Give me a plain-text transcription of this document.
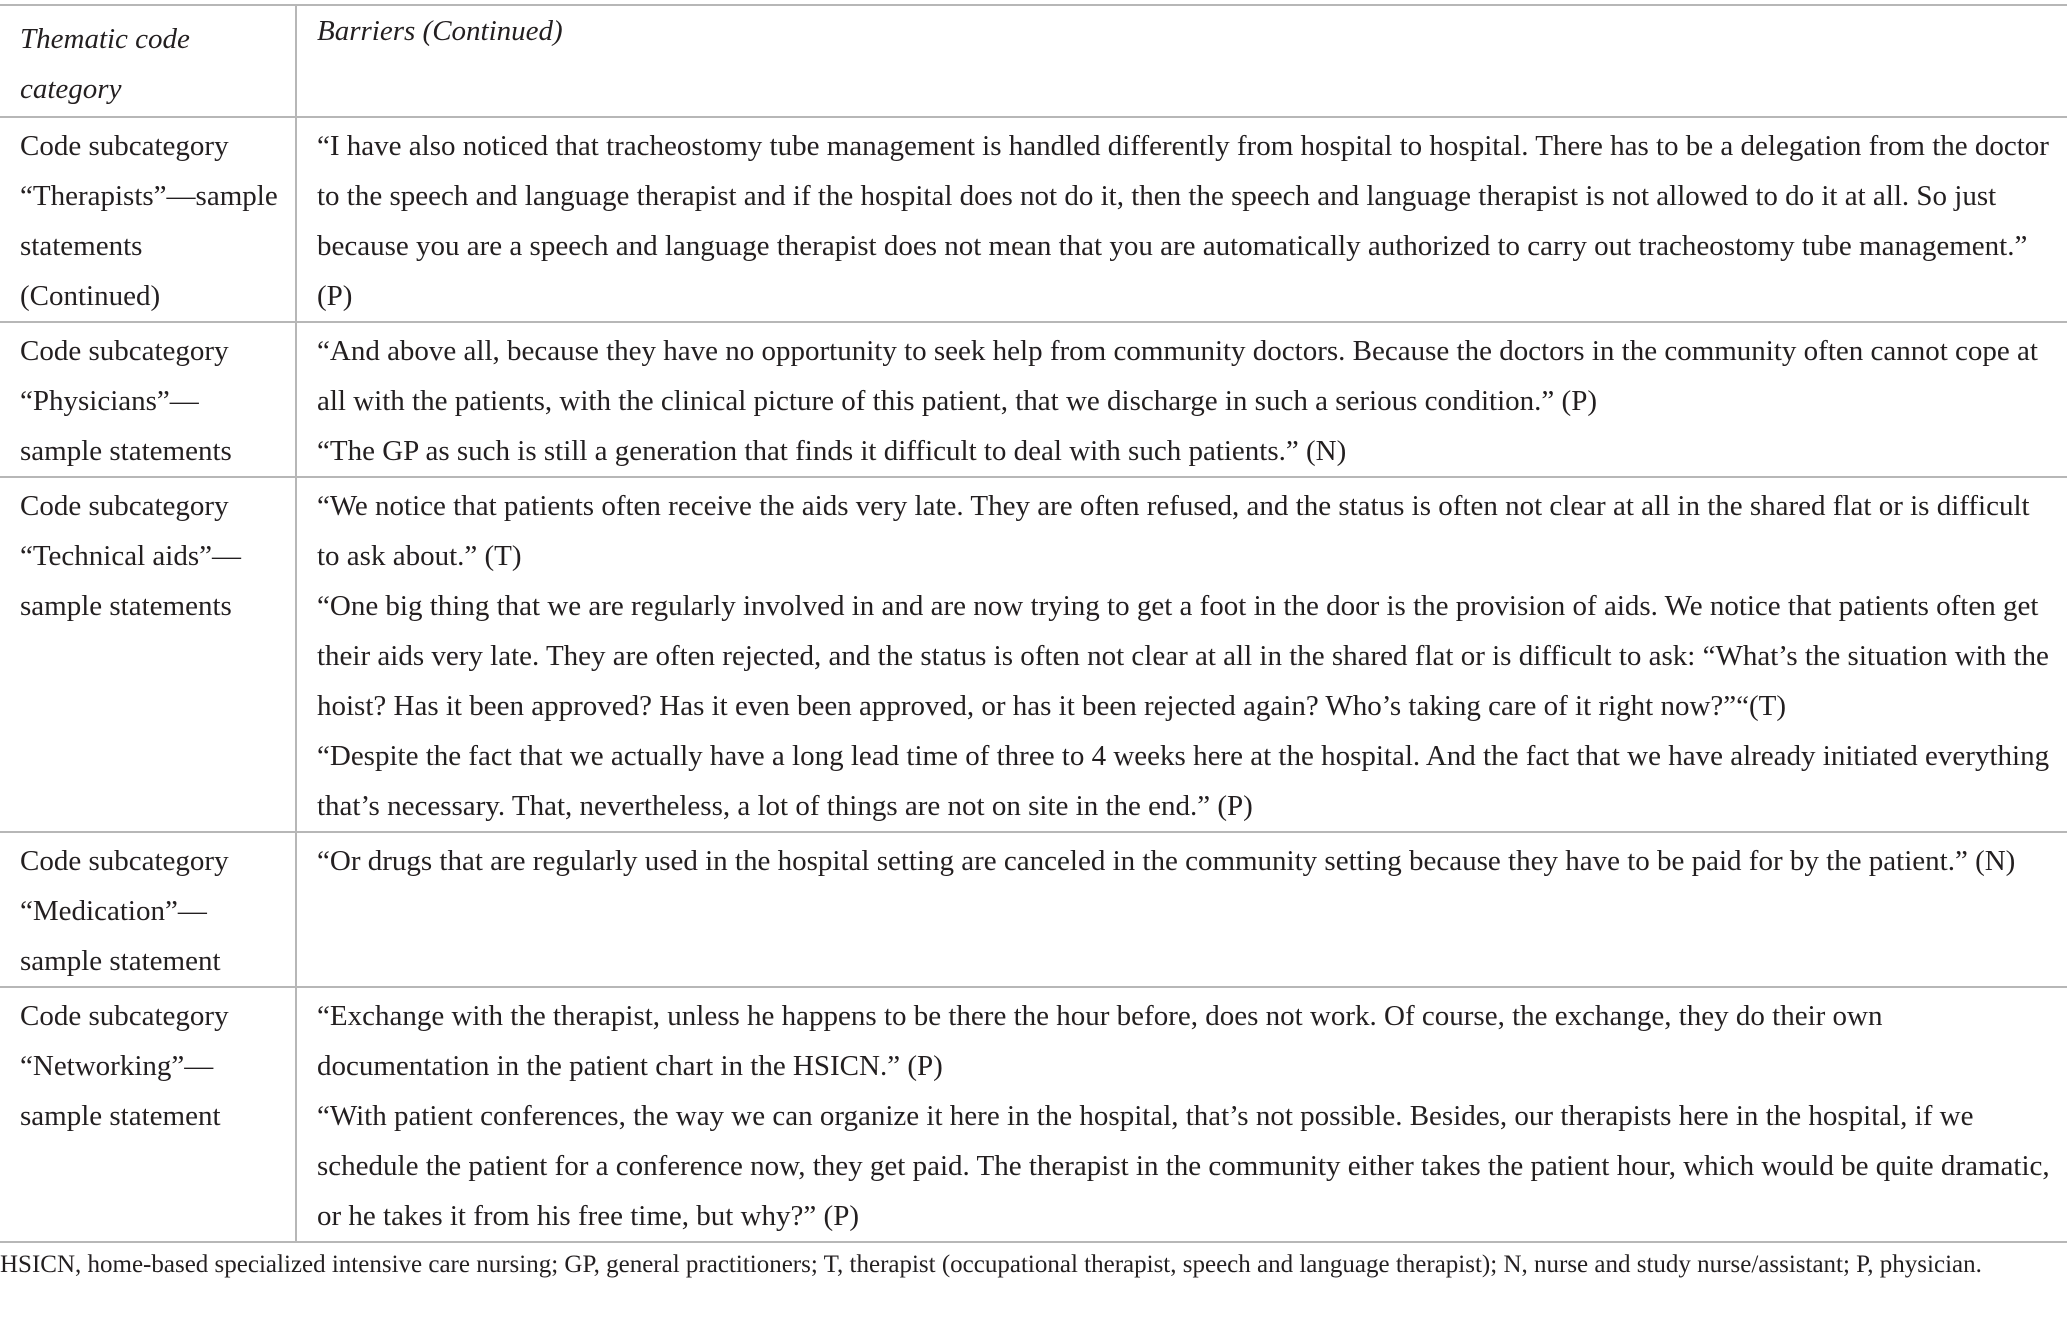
Thematic code category	Barriers (Continued)

Code subcategory “Therapists”—sample statements (Continued)	“I have also noticed that tracheostomy tube management is handled differently from hospital to hospital. There has to be a delegation from the doctor to the speech and language therapist and if the hospital does not do it, then the speech and language therapist is not allowed to do it at all. So just because you are a speech and language therapist does not mean that you are automatically authorized to carry out tracheostomy tube management.” (P)

Code subcategory “Physicians”—sample statements	“And above all, because they have no opportunity to seek help from community doctors. Because the doctors in the community often cannot cope at all with the patients, with the clinical picture of this patient, that we discharge in such a serious condition.” (P)
“The GP as such is still a generation that finds it difficult to deal with such patients.” (N)

Code subcategory “Technical aids”—sample statements	“We notice that patients often receive the aids very late. They are often refused, and the status is often not clear at all in the shared flat or is difficult to ask about.” (T)
“One big thing that we are regularly involved in and are now trying to get a foot in the door is the provision of aids. We notice that patients often get their aids very late. They are often rejected, and the status is often not clear at all in the shared flat or is difficult to ask: “What’s the situation with the hoist? Has it been approved? Has it even been approved, or has it been rejected again? Who’s taking care of it right now?”“(T)
“Despite the fact that we actually have a long lead time of three to 4 weeks here at the hospital. And the fact that we have already initiated everything that’s necessary. That, nevertheless, a lot of things are not on site in the end.” (P)

Code subcategory “Medication”—sample statement	“Or drugs that are regularly used in the hospital setting are canceled in the community setting because they have to be paid for by the patient.” (N)

Code subcategory “Networking”—sample statement	“Exchange with the therapist, unless he happens to be there the hour before, does not work. Of course, the exchange, they do their own documentation in the patient chart in the HSICN.” (P)
“With patient conferences, the way we can organize it here in the hospital, that’s not possible. Besides, our therapists here in the hospital, if we schedule the patient for a conference now, they get paid. The therapist in the community either takes the patient hour, which would be quite dramatic, or he takes it from his free time, but why?” (P)
HSICN, home-based specialized intensive care nursing; GP, general practitioners; T, therapist (occupational therapist, speech and language therapist); N, nurse and study nurse/assistant; P, physician.
